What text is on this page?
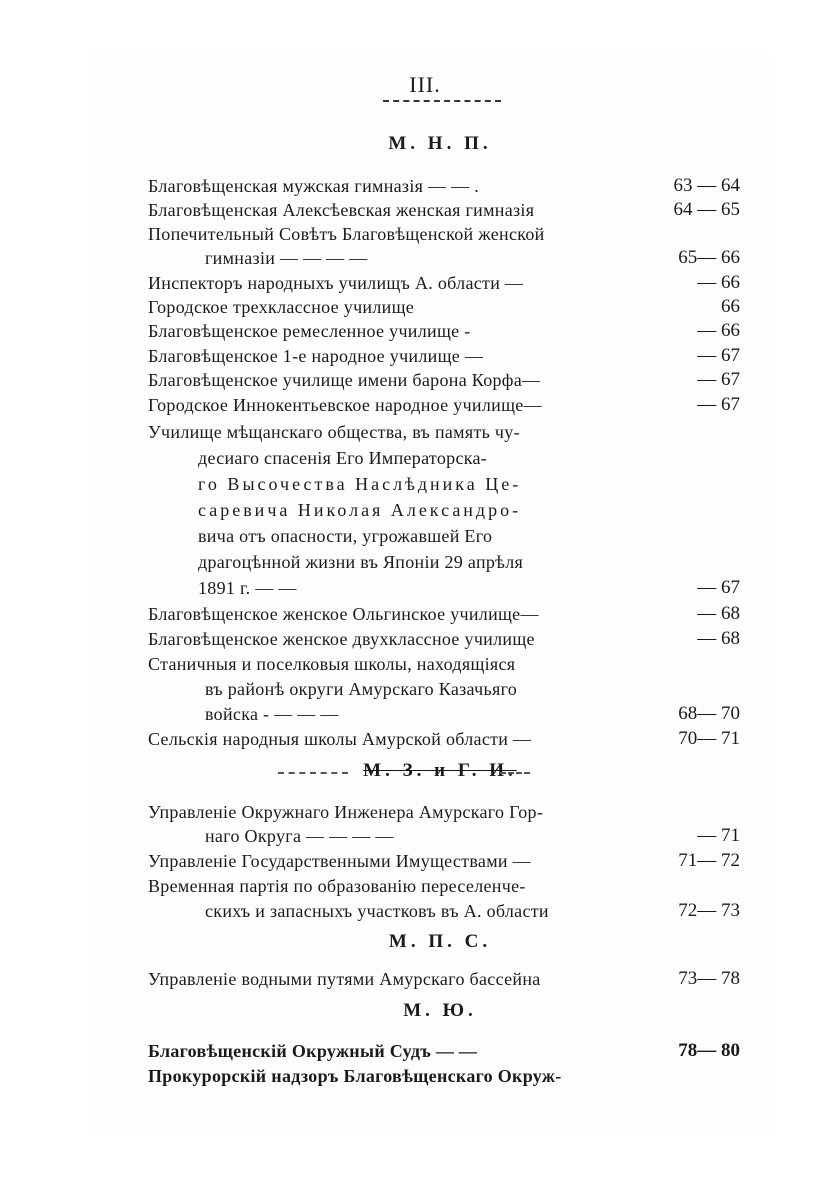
III.
М. Н. П.
Благовѣщенская мужская гимназія — — .	63 — 64
Благовѣщенская Алексѣевская женская гимназія	64 — 65
Попечительный Совѣтъ Благовѣщенской женской
гимназіи — — — —	65— 66
Инспекторъ народныхъ училищъ А. области —	— 66
Городское трехклассное училище	66
Благовѣщенское ремесленное училище -	— 66
Благовѣщенское 1-е народное училище —	— 67
Благовѣщенское училище имени барона Корфа—	— 67
Городское Иннокентьевское народное училище—	— 67
Училище мѣщанскаго общества, въ память чу-
десиаго спасенія Его Императорска-
го Высочества Наслѣдника Це-
саревича Николая Александро-
вича отъ опасности, угрожавшей Его
драгоцѣнной жизни въ Японіи 29 апрѣля
1891 г. — —	— 67
Благовѣщенское женское Ольгинское училище—	— 68
Благовѣщенское женское двухклассное училище	— 68
Станичныя и поселковыя школы, находящіяся
въ районѣ округи Амурскаго Казачьяго
войска - — — —	68— 70
Сельскія народныя школы Амурской области —	70— 71
М. З. и Г. И.
Управленіе Окружнаго Инженера Амурскаго Гор-
наго Округа — — — —	— 71
Управленіе Государственными Имуществами —	71— 72
Временная партія по образованію переселенче-
скихъ и запасныхъ участковъ въ А. области	72— 73
М. П. С.
Управленіе водными путями Амурскаго бассейна	73— 78
М. Ю.
Благовѣщенскій Окружный Судъ — —	78— 80
Прокурорскій надзоръ Благовѣщенскаго Окруж-
